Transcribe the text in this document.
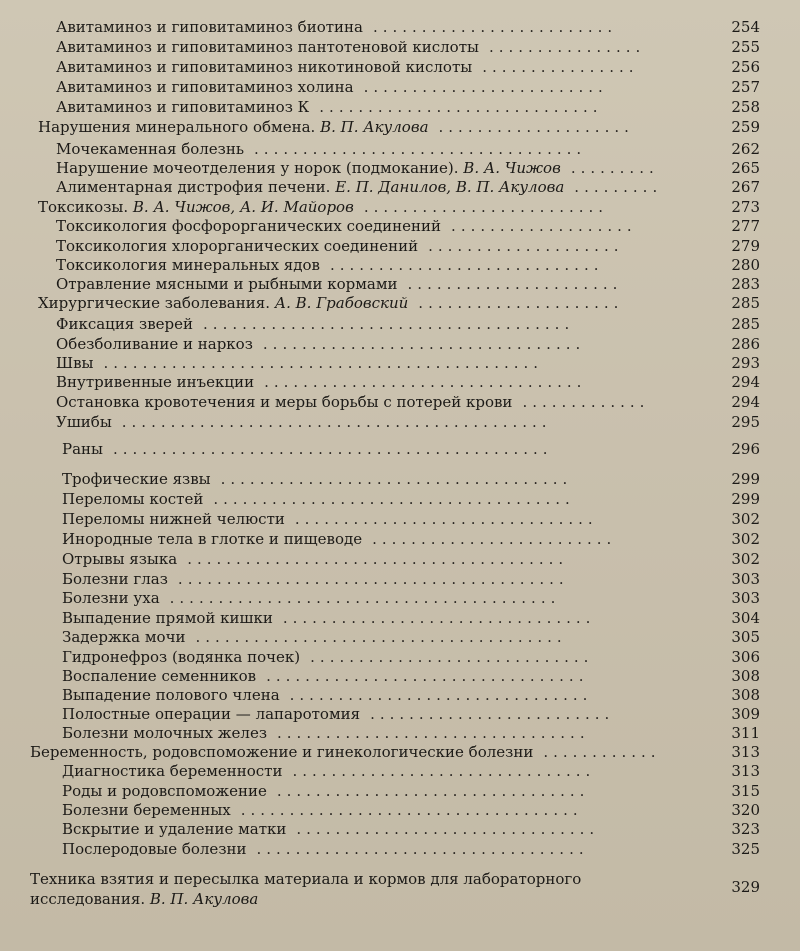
Авитаминоз и гиповитаминоз биотина	254
.........................
Авитаминоз и гиповитаминоз пантотеновой кислоты	255
................
Авитаминоз и гиповитаминоз никотиновой кислоты	256
................
Авитаминоз и гиповитаминоз холина	257
.........................
Авитаминоз и гиповитаминоз К	258
.............................
Нарушения минерального обмена. В. П. Акулова	259
....................
Мочекаменная болезнь	262
..................................
Нарушение мочеотделения у норок (подмокание). В. А. Чижов	265
.........
Алиментарная дистрофия печени. Е. П. Данилов, В. П. Акулова	267
.........
Токсикозы. В. А. Чижов, А. И. Майоров	273
.........................
Токсикология фосфорорганических соединений	277
...................
Токсикология хлорорганических соединений	279
....................
Токсикология минеральных ядов	280
............................
Отравление мясными и рыбными кормами	283
......................
Хирургические заболевания. А. В. Грабовский	285
.....................
Фиксация зверей	285
......................................
Обезболивание и наркоз	286
.................................
Швы	293
.............................................
Внутривенные инъекции	294
.................................
Остановка кровотечения и меры борьбы с потерей крови	294
.............
Ушибы	295
............................................
Раны	296
.............................................
Трофические язвы	299
....................................
Переломы костей	299
.....................................
Переломы нижней челюсти	302
...............................
Инородные тела в глотке и пищеводе	302
.........................
Отрывы языка	302
.......................................
Болезни глаз	303
........................................
Болезни уха	303
........................................
Выпадение прямой кишки	304
................................
Задержка мочи	305
......................................
Гидронефроз (водянка почек)	306
.............................
Воспаление семенников	308
.................................
Выпадение полового члена	308
...............................
Полостные операции — лапаротомия	309
.........................
Болезни молочных желез	311
................................
Беременность, родовспоможение и гинекологические болезни	313
............
Диагностика беременности	313
...............................
Роды и родовспоможение	315
................................
Болезни беременных	320
...................................
Вскрытие и удаление матки	323
...............................
Послеродовые болезни	325
..................................
Техника взятия и пересылка материала и кормов для лабораторного
исследования. В. П. Акулова
329
